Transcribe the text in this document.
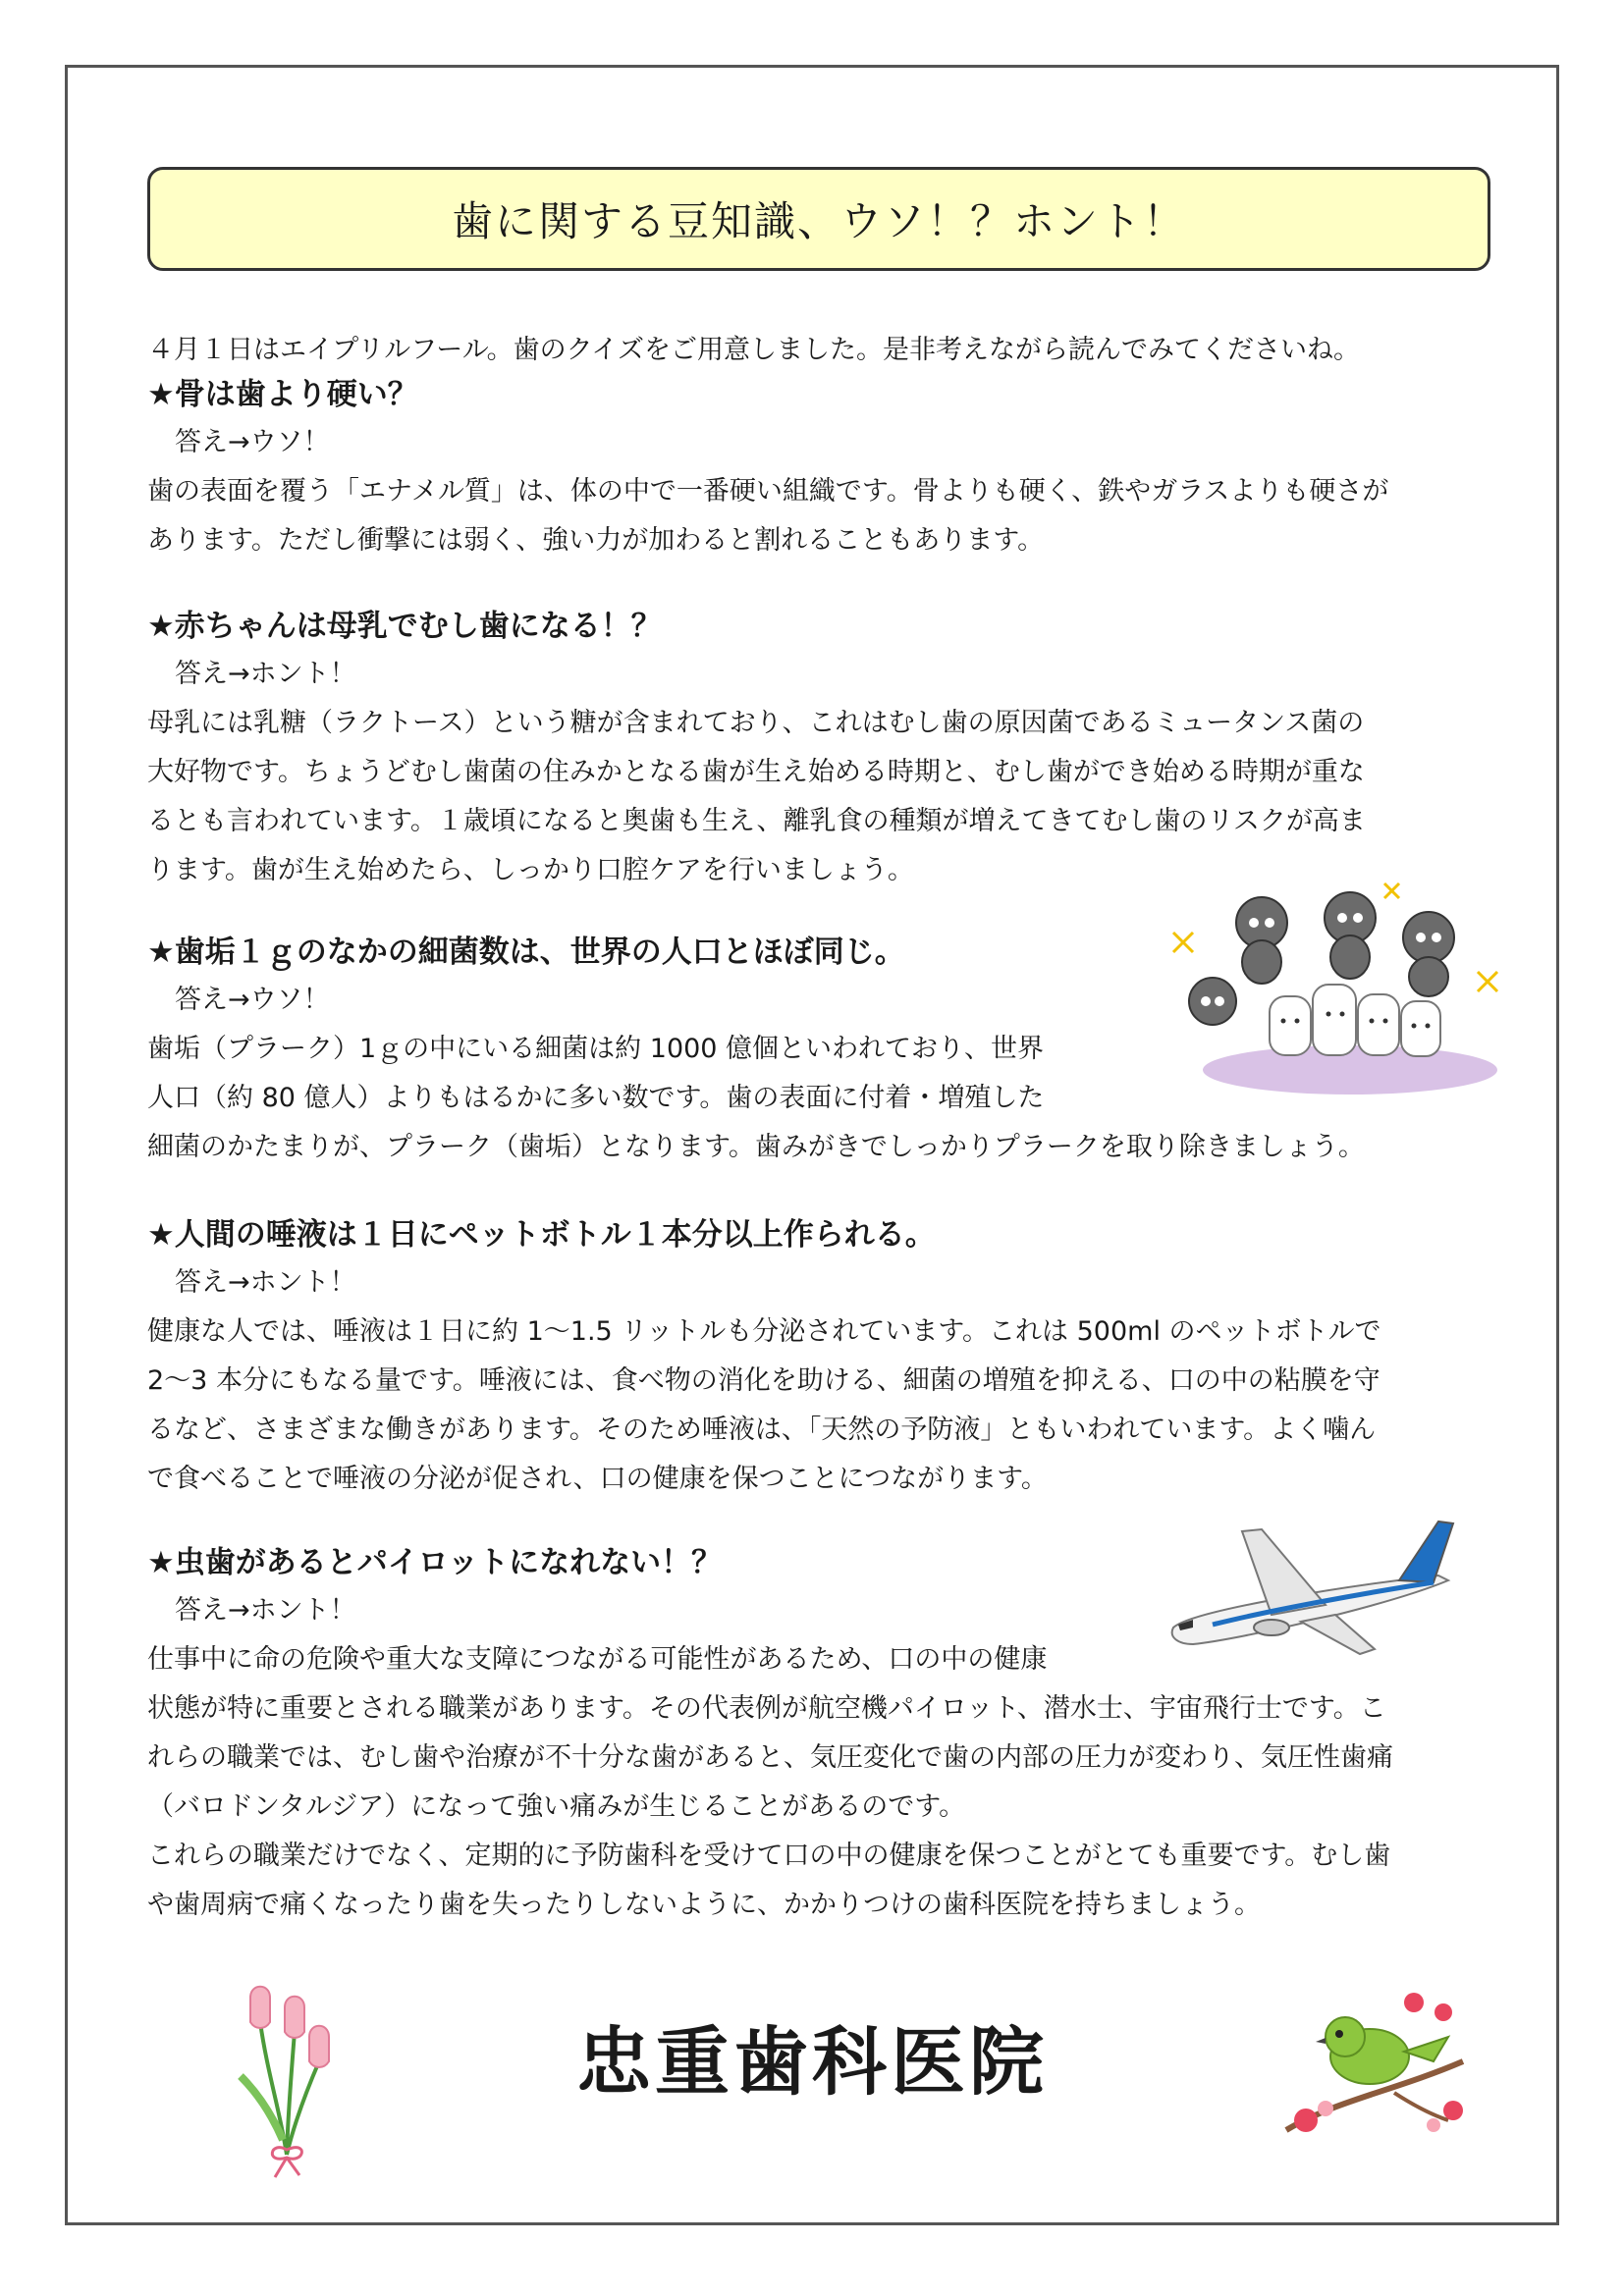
歯に関する豆知識、ウソ！？ホント！
４月１日はエイプリルフール。歯のクイズをご用意しました。是非考えながら読んでみてくださいね。
★骨は歯より硬い？
答え→ウソ！
歯の表面を覆う「エナメル質」は、体の中で一番硬い組織です。骨よりも硬く、鉄やガラスよりも硬さが
あります。ただし衝撃には弱く、強い力が加わると割れることもあります。
★赤ちゃんは母乳でむし歯になる！？
答え→ホント！
母乳には乳糖（ラクトース）という糖が含まれており、これはむし歯の原因菌であるミュータンス菌の
大好物です。ちょうどむし歯菌の住みかとなる歯が生え始める時期と、むし歯ができ始める時期が重な
るとも言われています。１歳頃になると奥歯も生え、離乳食の種類が増えてきてむし歯のリスクが高ま
ります。歯が生え始めたら、しっかり口腔ケアを行いましょう。
★歯垢１ｇのなかの細菌数は、世界の人口とほぼ同じ。
答え→ウソ！
歯垢（プラーク）1ｇの中にいる細菌は約 1000 億個といわれており、世界
人口（約 80 億人）よりもはるかに多い数です。歯の表面に付着・増殖した
細菌のかたまりが、プラーク（歯垢）となります。歯みがきでしっかりプラークを取り除きましょう。
★人間の唾液は１日にペットボトル１本分以上作られる。
答え→ホント！
健康な人では、唾液は１日に約 1～1.5 リットルも分泌されています。これは 500ml のペットボトルで
2～3 本分にもなる量です。唾液には、食べ物の消化を助ける、細菌の増殖を抑える、口の中の粘膜を守
るなど、さまざまな働きがあります。そのため唾液は、「天然の予防液」ともいわれています。よく噛ん
で食べることで唾液の分泌が促され、口の健康を保つことにつながります。
★虫歯があるとパイロットになれない！？
答え→ホント！
仕事中に命の危険や重大な支障につながる可能性があるため、口の中の健康
状態が特に重要とされる職業があります。その代表例が航空機パイロット、潜水士、宇宙飛行士です。こ
れらの職業では、むし歯や治療が不十分な歯があると、気圧変化で歯の内部の圧力が変わり、気圧性歯痛
（バロドンタルジア）になって強い痛みが生じることがあるのです。
これらの職業だけでなく、定期的に予防歯科を受けて口の中の健康を保つことがとても重要です。むし歯
や歯周病で痛くなったり歯を失ったりしないように、かかりつけの歯科医院を持ちましょう。
忠重歯科医院
